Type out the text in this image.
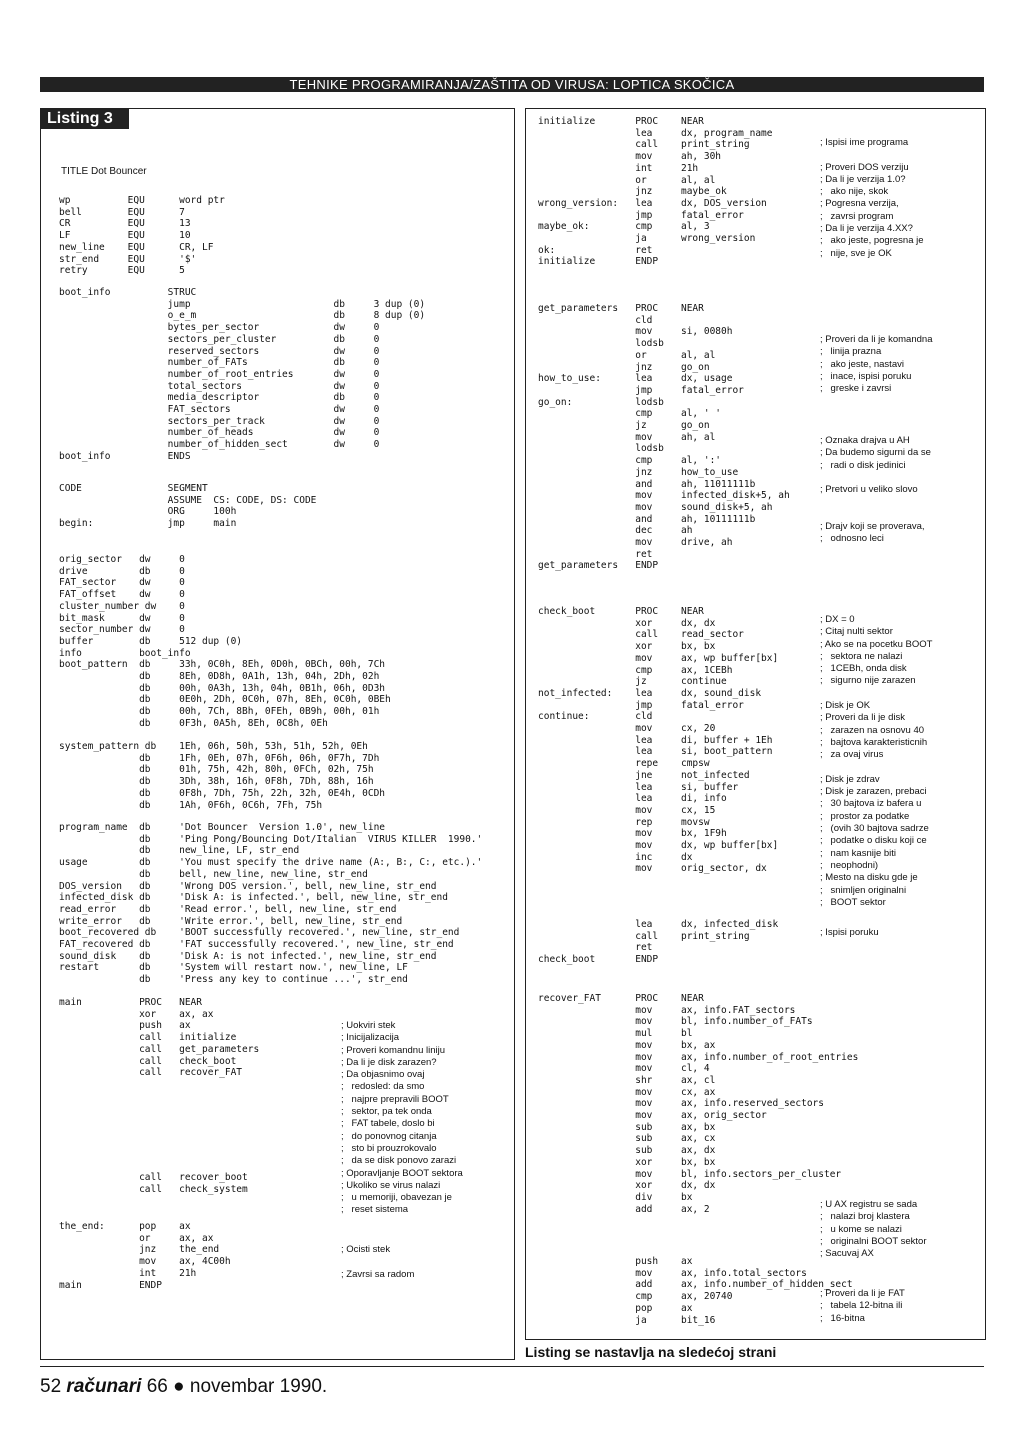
TEHNIKE PROGRAMIRANJA/ZAŠTITA OD VIRUSA: LOPTICA SKOČICA
Listing 3
TITLE Dot Bouncer
wp          EQU      word ptr
bell        EQU      7
CR          EQU      13
LF          EQU      10
new_line    EQU      CR, LF
str_end     EQU      '$'
retry       EQU      5
boot_info          STRUC
jump                         db     3 dup (0)
o_e_m                        db     8 dup (0)
bytes_per_sector             dw     0
sectors_per_cluster          db     0
reserved_sectors             dw     0
number_of_FATs               db     0
number_of_root_entries       dw     0
total_sectors                dw     0
media_descriptor             db     0
FAT_sectors                  dw     0
sectors_per_track            dw     0
number_of_heads              dw     0
number_of_hidden_sect        dw     0
boot_info          ENDS
CODE               SEGMENT
ASSUME  CS: CODE, DS: CODE
ORG     100h
begin:             jmp     main
orig_sector   dw     0
drive         db     0
FAT_sector    dw     0
FAT_offset    dw     0
cluster_number dw    0
bit_mask      dw     0
sector_number dw     0
buffer        db     512 dup (0)
info          boot_info
boot_pattern  db     33h, 0C0h, 8Eh, 0D0h, 0BCh, 00h, 7Ch
db     8Eh, 0D8h, 0A1h, 13h, 04h, 2Dh, 02h
db     00h, 0A3h, 13h, 04h, 0B1h, 06h, 0D3h
db     0E0h, 2Dh, 0C0h, 07h, 8Eh, 0C0h, 0BEh
db     00h, 7Ch, 8Bh, 0FEh, 0B9h, 00h, 01h
db     0F3h, 0A5h, 8Eh, 0C8h, 0Eh
system_pattern db    1Eh, 06h, 50h, 53h, 51h, 52h, 0Eh
db     1Fh, 0Eh, 07h, 0F6h, 06h, 0F7h, 7Dh
db     01h, 75h, 42h, 80h, 0FCh, 02h, 75h
db     3Dh, 38h, 16h, 0F8h, 7Dh, 88h, 16h
db     0F8h, 7Dh, 75h, 22h, 32h, 0E4h, 0CDh
db     1Ah, 0F6h, 0C6h, 7Fh, 75h
program_name  db     'Dot Bouncer  Version 1.0', new_line
db     'Ping Pong/Bouncing Dot/Italian  VIRUS KILLER  1990.'
db     new_line, LF, str_end
usage         db     'You must specify the drive name (A:, B:, C:, etc.).'
db     bell, new_line, new_line, str_end
DOS_version   db     'Wrong DOS version.', bell, new_line, str_end
infected_disk db     'Disk A: is infected.', bell, new_line, str_end
read_error    db     'Read error.', bell, new_line, str_end
write_error   db     'Write error.', bell, new_line, str_end
boot_recovered db    'BOOT successfully recovered.', new_line, str_end
FAT_recovered db     'FAT successfully recovered.', new_line, str_end
sound_disk    db     'Disk A: is not infected.', new_line, str_end
restart       db     'System will restart now.', new_line, LF
db     'Press any key to continue ...', str_end
main          PROC   NEAR
xor    ax, ax
push   ax
call   initialize
call   get_parameters
call   check_boot
call   recover_FAT
call   recover_boot
call   check_system
the_end:      pop    ax
or     ax, ax
jnz    the_end
mov    ax, 4C00h
int    21h
main          ENDP
; Uokviri stek
; Inicijalizacija
; Proveri komandnu liniju
; Da li je disk zarazen?
; Da objasnimo ovaj
;   redosled: da smo
;   najpre prepravili BOOT
;   sektor, pa tek onda
;   FAT tabele, doslo bi
;   do ponovnog citanja
;   sto bi prouzrokovalo
;   da se disk ponovo zarazi
; Oporavljanje BOOT sektora
; Ukoliko se virus nalazi
;   u memoriji, obavezan je
;   reset sistema
; Ocisti stek
; Zavrsi sa radom
initialize       PROC    NEAR
lea     dx, program_name
call    print_string
mov     ah, 30h
int     21h
or      al, al
jnz     maybe_ok
wrong_version:   lea     dx, DOS_version
jmp     fatal_error
maybe_ok:        cmp     al, 3
ja      wrong_version
ok:              ret
initialize       ENDP
get_parameters   PROC    NEAR
cld
mov     si, 0080h
lodsb
or      al, al
jnz     go_on
how_to_use:      lea     dx, usage
jmp     fatal_error
go_on:           lodsb
cmp     al, ' '
jz      go_on
mov     ah, al
lodsb
cmp     al, ':'
jnz     how_to_use
and     ah, 11011111b
mov     infected_disk+5, ah
mov     sound_disk+5, ah
and     ah, 10111111b
dec     ah
mov     drive, ah
ret
get_parameters   ENDP
check_boot       PROC    NEAR
xor     dx, dx
call    read_sector
xor     bx, bx
mov     ax, wp buffer[bx]
cmp     ax, 1CEBh
jz      continue
not_infected:    lea     dx, sound_disk
jmp     fatal_error
continue:        cld
mov     cx, 20
lea     di, buffer + 1Eh
lea     si, boot_pattern
repe    cmpsw
jne     not_infected
lea     si, buffer
lea     di, info
mov     cx, 15
rep     movsw
mov     bx, 1F9h
mov     dx, wp buffer[bx]
inc     dx
mov     orig_sector, dx
lea     dx, infected_disk
call    print_string
ret
check_boot       ENDP
recover_FAT      PROC    NEAR
mov     ax, info.FAT_sectors
mov     bl, info.number_of_FATs
mul     bl
mov     bx, ax
mov     ax, info.number_of_root_entries
mov     cl, 4
shr     ax, cl
mov     cx, ax
mov     ax, info.reserved_sectors
mov     ax, orig_sector
sub     ax, bx
sub     ax, cx
sub     ax, dx
xor     bx, bx
mov     bl, info.sectors_per_cluster
xor     dx, dx
div     bx
add     ax, 2
push    ax
mov     ax, info.total_sectors
add     ax, info.number_of_hidden_sect
cmp     ax, 20740
pop     ax
ja      bit_16
; Ispisi ime programa

; Proveri DOS verziju
; Da li je verzija 1.0?
;   ako nije, skok
; Pogresna verzija,
;   zavrsi program
; Da li je verzija 4.XX?
;   ako jeste, pogresna je
;   nije, sve je OK
; Proveri da li je komandna
;   linija prazna
;   ako jeste, nastavi
;   inace, ispisi poruku
;   greske i zavrsi
; Oznaka drajva u AH
; Da budemo sigurni da se
;   radi o disk jedinici

; Pretvori u veliko slovo

; Drajv koji se proverava,
;   odnosno leci
; DX = 0
; Citaj nulti sektor
; Ako se na pocetku BOOT
;   sektora ne nalazi
;   1CEBh, onda disk
;   sigurno nije zarazen

; Disk je OK
; Proveri da li je disk
;   zarazen na osnovu 40
;   bajtova karakteristicnih
;   za ovaj virus

; Disk je zdrav
; Disk je zarazen, prebaci
;   30 bajtova iz bafera u
;   prostor za podatke
;   (ovih 30 bajtova sadrze
;   podatke o disku koji ce
;   nam kasnije biti
;   neophodni)
; Mesto na disku gde je
;   snimljen originalni
;   BOOT sektor
; Ispisi poruku
; U AX registru se sada
;   nalazi broj klastera
;   u kome se nalazi
;   originalni BOOT sektor
; Sacuvaj AX
; Proveri da li je FAT
;   tabela 12-bitna ili
;   16-bitna
Listing se nastavlja na sledećoj strani
52 računari 66 ● novembar 1990.
